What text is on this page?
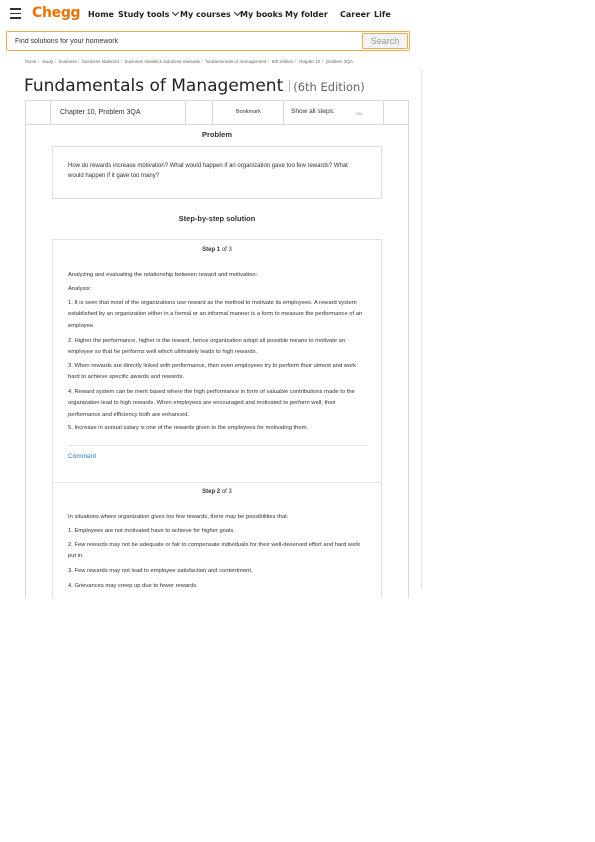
Chegg Home Study tools	My courses	My books My folder Career Life
Find solutions for your homework
Search
home / study / business / business statistics / business statistics solutions manuals / fundamentals of management / 6th edition / chapter 10 / problem 3QA
Fundamentals of Management (6th Edition)
Chapter 10, Problem 3QA	Bookmark	Show all steps:	ON
Problem
How do rewards increase motivation? What would happen if an organization gave too few rewards? What would happen if it gave too many?
Step-by-step solution
Step 1 of 3
Analyzing and evaluating the relationship between reward and motivation:
Analysis:
1. It is seen that most of the organizations use reward as the method to motivate its employees. A reward system established by an organization either in a formal or an informal manner is a form to measure the performance of an employee.
2. Higher the performance, higher is the reward, hence organization adopt all possible means to motivate an employee so that he performs well which ultimately leads to high rewards.
3. When rewards are directly linked with performance, then even employees try to perform their utmost and work hard to achieve specific awards and rewards.
4. Reward system can be merit based where the high performance in form of valuable contributions made to the organization lead to high rewards. When employees are encouraged and motivated to perform well, their performance and efficiency both are enhanced.
5. Increase in annual salary is one of the rewards given to the employees for motivating them.
Comment
Step 2 of 3
In situations where organization gives too few rewards, there may be possibilities that:
1. Employees are not motivated have to achieve for higher goals.
2. Few rewards may not be adequate or fair to compensate individuals for their well-deserved effort and hard work put in.
3. Few rewards may not lead to employee satisfaction and contentment.
4. Grievances may creep up due to fewer rewards.
